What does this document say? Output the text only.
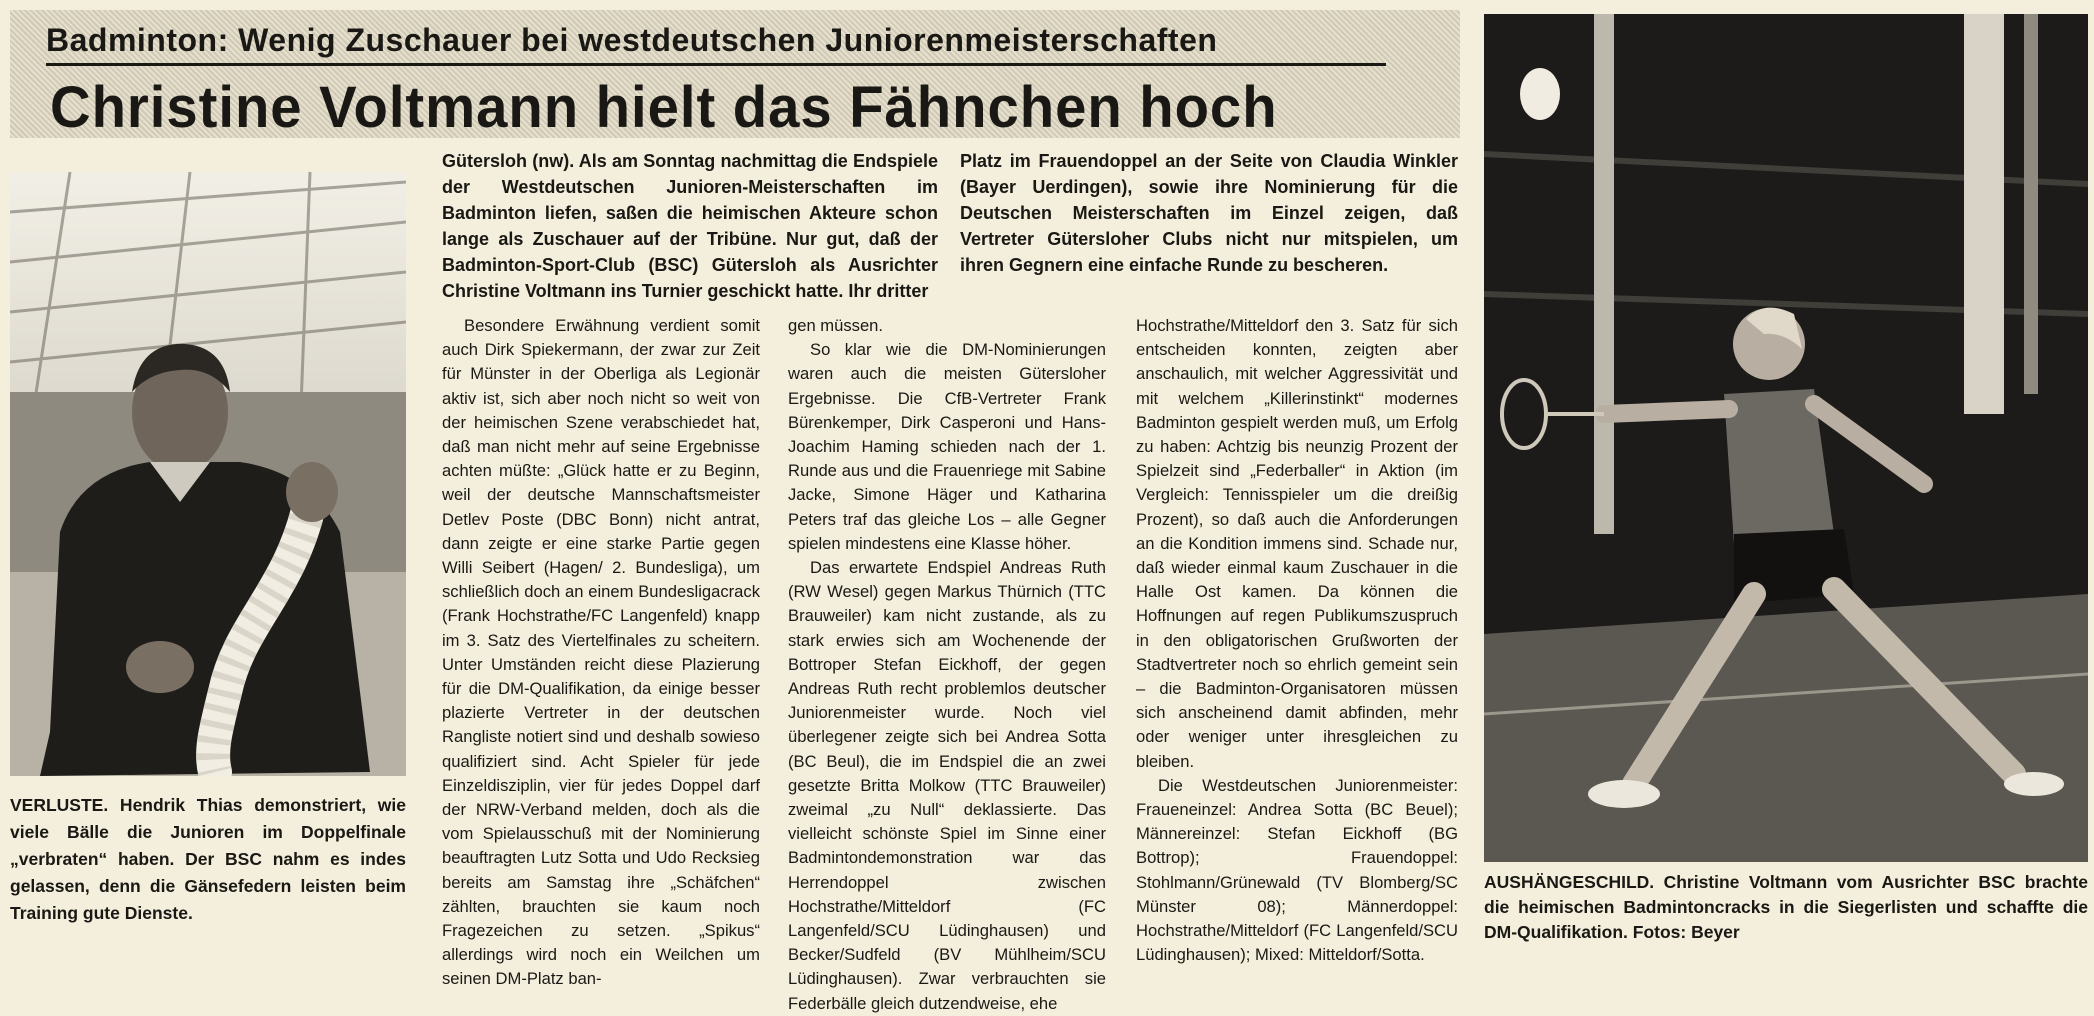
Badminton: Wenig Zuschauer bei westdeutschen Juniorenmeisterschaften
Christine Voltmann hielt das Fähnchen hoch
VERLUSTE. Hendrik Thias demonstriert, wie viele Bälle die Junioren im Doppelfinale „verbraten“ haben. Der BSC nahm es indes gelassen, denn die Gänsefedern leisten beim Training gute Dienste.
AUSHÄNGESCHILD. Christine Voltmann vom Ausrichter BSC brachte die heimischen Badmintoncracks in die Siegerlisten und schaffte die DM-Qualifikation. Fotos: Beyer
Gütersloh (nw). Als am Sonntag nachmittag die Endspiele der Westdeutschen Junioren-Meisterschaften im Badminton liefen, saßen die heimischen Akteure schon lange als Zuschauer auf der Tribüne. Nur gut, daß der Badminton-Sport-Club (BSC) Gütersloh als Ausrichter Christine Voltmann ins Turnier geschickt hatte. Ihr dritter
Platz im Frauendoppel an der Seite von Claudia Winkler (Bayer Uerdingen), sowie ihre Nominierung für die Deutschen Meisterschaften im Einzel zeigen, daß Vertreter Gütersloher Clubs nicht nur mitspielen, um ihren Gegnern eine einfache Runde zu bescheren.

Besondere Erwähnung verdient somit auch Dirk Spiekermann, der zwar zur Zeit für Münster in der Oberliga als Legionär aktiv ist, sich aber noch nicht so weit von der heimischen Szene verabschiedet hat, daß man nicht mehr auf seine Ergebnisse achten müßte: „Glück hatte er zu Beginn, weil der deutsche Mannschaftsmeister Detlev Poste (DBC Bonn) nicht antrat, dann zeigte er eine starke Partie gegen Willi Seibert (Hagen/ 2. Bundesliga), um schließlich doch an einem Bundesligacrack (Frank Hochstrathe/FC Langenfeld) knapp im 3. Satz des Viertelfinales zu scheitern. Unter Umständen reicht diese Plazierung für die DM-Qualifikation, da einige besser plazierte Vertreter in der deutschen Rangliste notiert sind und deshalb sowieso qualifiziert sind. Acht Spieler für jede Einzeldisziplin, vier für jedes Doppel darf der NRW-Verband melden, doch als die vom Spielausschuß mit der Nominierung beauftragten Lutz Sotta und Udo Recksieg bereits am Samstag ihre „Schäfchen“ zählten, brauchten sie kaum noch Fragezeichen zu setzen. „Spikus“ allerdings wird noch ein Weilchen um seinen DM-Platz ban-

gen müssen.

So klar wie die DM-Nominierungen waren auch die meisten Gütersloher Ergebnisse. Die CfB-Vertreter Frank Bürenkemper, Dirk Casperoni und Hans-Joachim Haming schieden nach der 1. Runde aus und die Frauenriege mit Sabine Jacke, Simone Häger und Katharina Peters traf das gleiche Los – alle Gegner spielen mindestens eine Klasse höher.

Das erwartete Endspiel Andreas Ruth (RW Wesel) gegen Markus Thürnich (TTC Brauweiler) kam nicht zustande, als zu stark erwies sich am Wochenende der Bottroper Stefan Eickhoff, der gegen Andreas Ruth recht problemlos deutscher Juniorenmeister wurde. Noch viel überlegener zeigte sich bei Andrea Sotta (BC Beul), die im Endspiel die an zwei gesetzte Britta Molkow (TTC Brauweiler) zweimal „zu Null“ deklassierte. Das vielleicht schönste Spiel im Sinne einer Badmintondemonstration war das Herrendoppel zwischen Hochstrathe/Mitteldorf (FC Langenfeld/SCU Lüdinghausen) und Becker/Sudfeld (BV Mühlheim/SCU Lüdinghausen). Zwar verbrauchten sie Federbälle gleich dutzendweise, ehe

Hochstrathe/Mitteldorf den 3. Satz für sich entscheiden konnten, zeigten aber anschaulich, mit welcher Aggressivität und mit welchem „Killerinstinkt“ modernes Badminton gespielt werden muß, um Erfolg zu haben: Achtzig bis neunzig Prozent der Spielzeit sind „Federballer“ in Aktion (im Vergleich: Tennisspieler um die dreißig Prozent), so daß auch die Anforderungen an die Kondition immens sind. Schade nur, daß wieder einmal kaum Zuschauer in die Halle Ost kamen. Da können die Hoffnungen auf regen Publikumszuspruch in den obligatorischen Grußworten der Stadtvertreter noch so ehrlich gemeint sein – die Badminton-Organisatoren müssen sich anscheinend damit abfinden, mehr oder weniger unter ihresgleichen zu bleiben.

Die Westdeutschen Juniorenmeister: Fraueneinzel: Andrea Sotta (BC Beuel); Männereinzel: Stefan Eickhoff (BG Bottrop); Frauendoppel: Stohlmann/Grünewald (TV Blomberg/SC Münster 08); Männerdoppel: Hochstrathe/Mitteldorf (FC Langenfeld/SCU Lüdinghausen); Mixed: Mitteldorf/Sotta.
